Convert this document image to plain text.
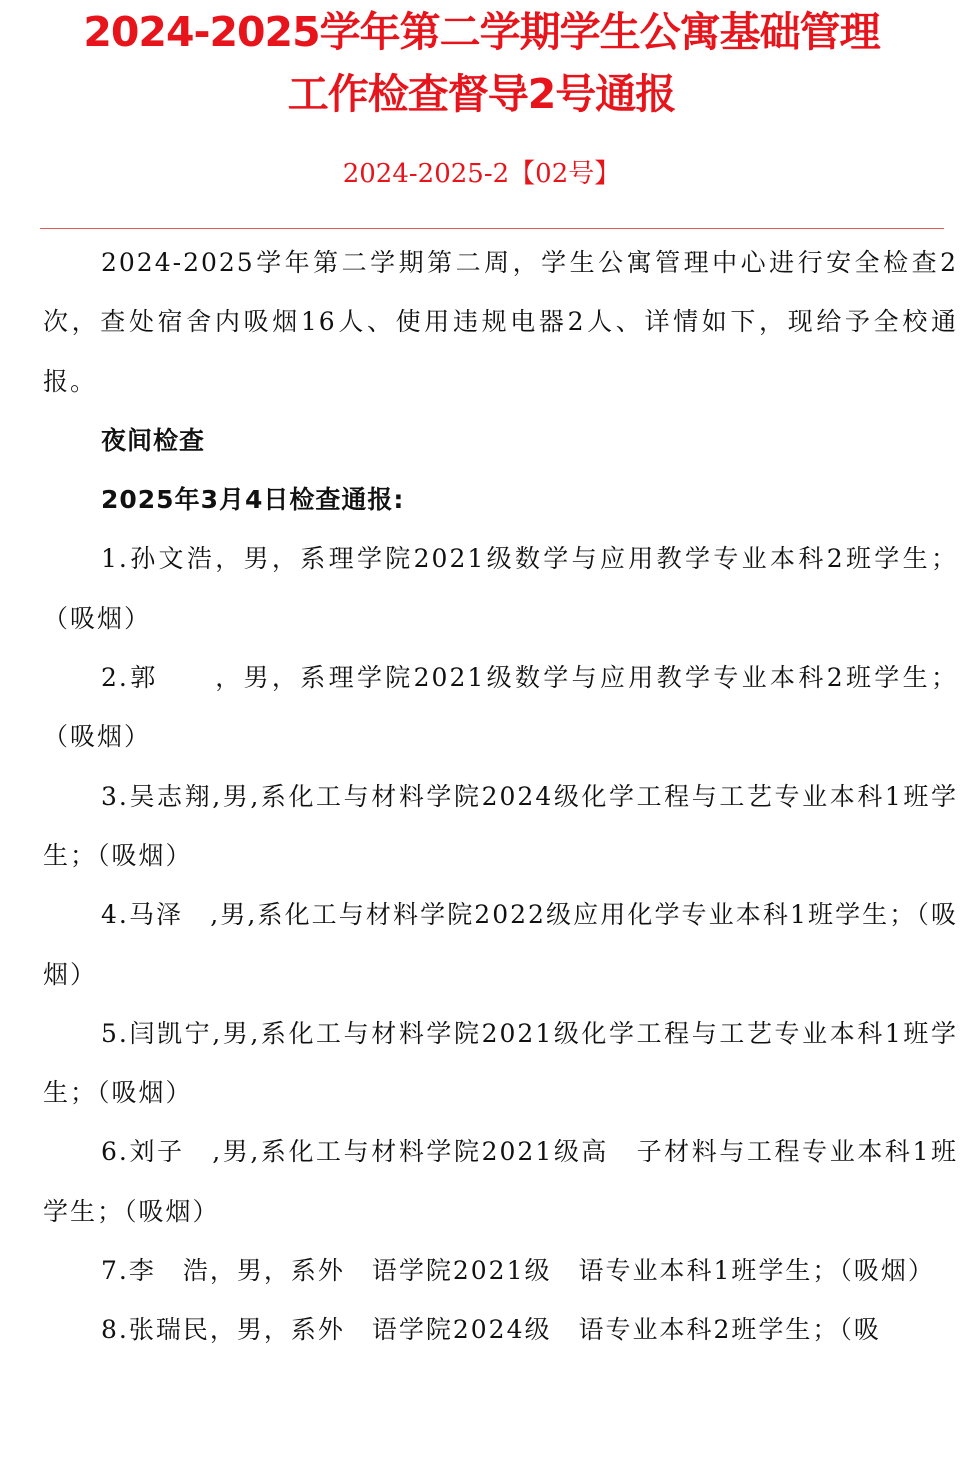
2024-2025学年第二学期学生公寓基础管理
工作检查督导2号通报
2024-2025-2【02号】

2024-2025学年第二学期第二周，学生公寓管理中心进行安全检查2次，查处宿舍内吸烟16人、使用违规电器2人、详情如下，现给予全校通报。

夜间检查

2025年3月4日检查通报:

1.孙文浩，男，系理学院2021级数学与应用教学专业本科2班学生；（吸烟）

2.郭　　，男，系理学院2021级数学与应用教学专业本科2班学生；（吸烟）

3.吴志翔,男,系化工与材料学院2024级化学工程与工艺专业本科1班学生；（吸烟）

4.马泽　,男,系化工与材料学院2022级应用化学专业本科1班学生；（吸烟）

5.闫凯宁,男,系化工与材料学院2021级化学工程与工艺专业本科1班学生；（吸烟）

6.刘子　,男,系化工与材料学院2021级高　子材料与工程专业本科1班学生；（吸烟）

7.李　浩，男，系外　语学院2021级　语专业本科1班学生；（吸烟）

8.张瑞民，男，系外　语学院2024级　语专业本科2班学生；（吸
